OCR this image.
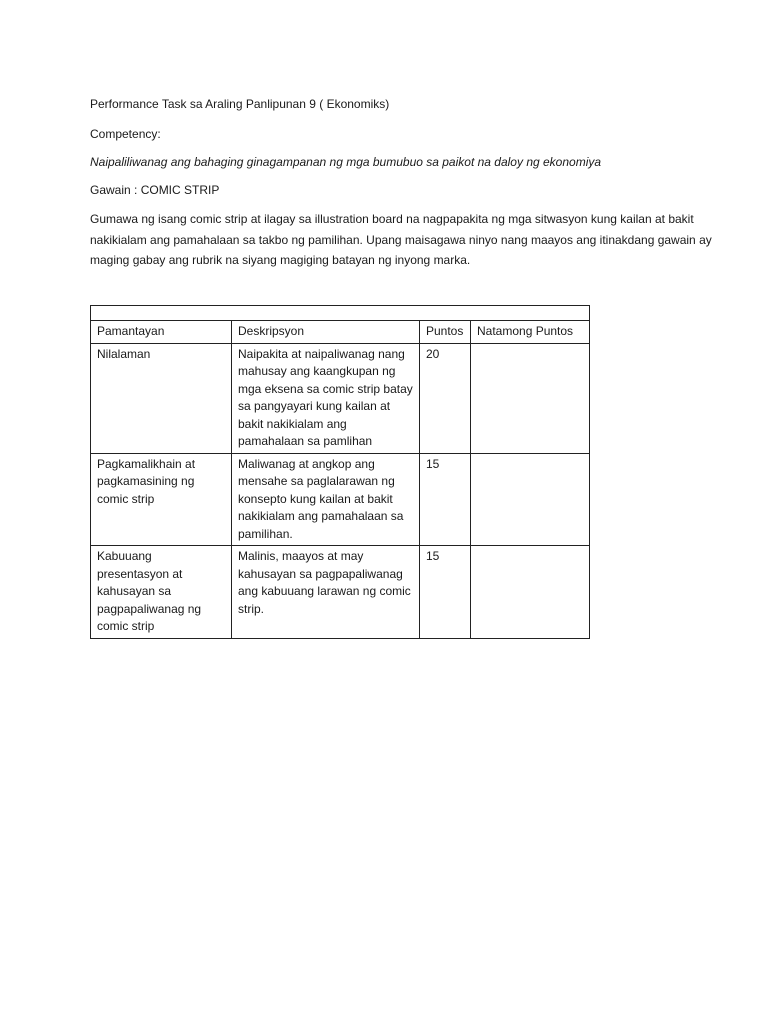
Performance Task sa Araling Panlipunan 9 ( Ekonomiks)

Competency:

Naipaliliwanag ang bahaging ginagampanan ng mga bumubuo sa paikot na daloy ng ekonomiya

Gawain : COMIC STRIP

Gumawa ng isang comic strip at ilagay sa illustration board na nagpapakita ng mga sitwasyon kung kailan at bakit nakikialam ang pamahalaan sa takbo ng pamilihan. Upang maisagawa ninyo nang maayos ang itinakdang gawain ay maging gabay ang rubrik na siyang magiging batayan ng inyong marka.

Pamantayan	Deskripsyon	Puntos	Natamong Puntos
Nilalaman	Naipakita at naipaliwanag nang mahusay ang kaangkupan ng mga eksena sa comic strip batay sa pangyayari kung kailan at bakit nakikialam ang pamahalaan sa pamlihan	20	
Pagkamalikhain at pagkamasining ng comic strip	Maliwanag at angkop ang mensahe sa paglalarawan ng konsepto kung kailan at bakit nakikialam ang pamahalaan sa pamilihan.	15	
Kabuuang presentasyon at kahusayan sa pagpapaliwanag ng comic strip	Malinis, maayos at may kahusayan sa pagpapaliwanag ang kabuuang larawan ng comic strip.	15	
